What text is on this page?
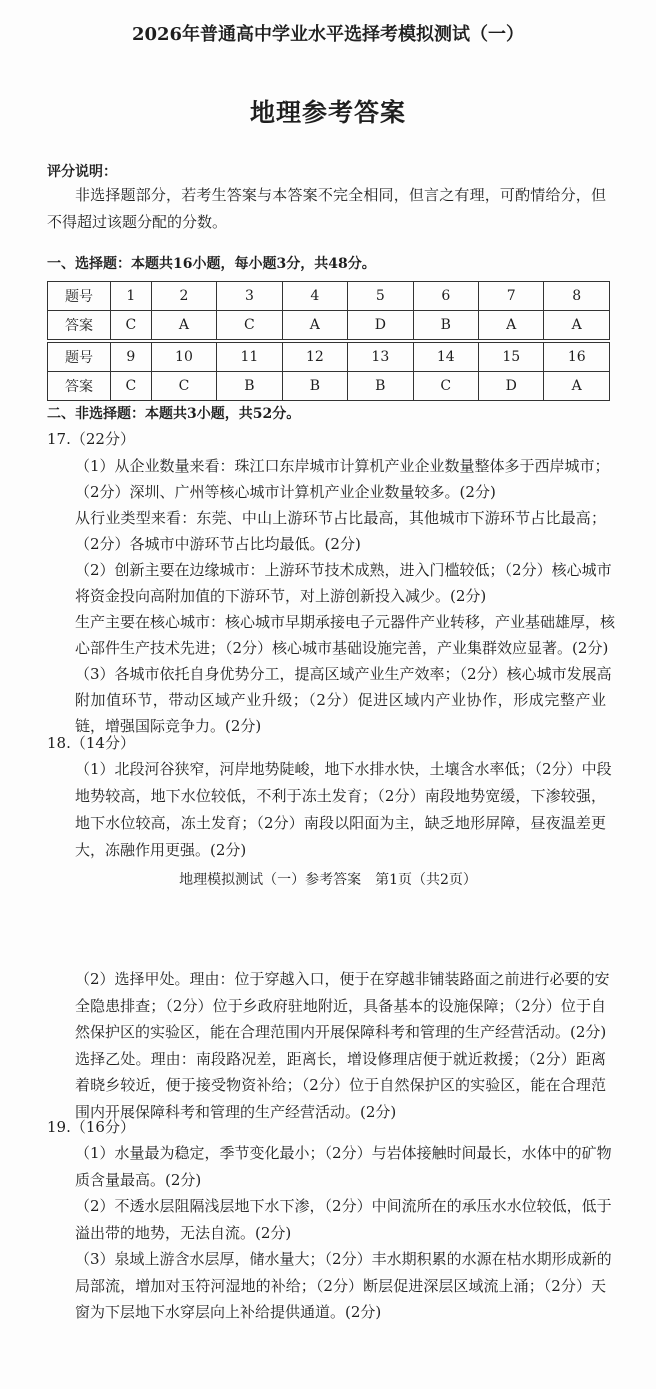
2026年普通高中学业水平选择考模拟测试（一）
地理参考答案
评分说明：
非选择题部分，若考生答案与本答案不完全相同，但言之有理，可酌情给分，但
不得超过该题分配的分数。
一、选择题：本题共16小题，每小题3分，共48分。
题号	1	2	3	4	5	6	7	8
答案	C	A	C	A	D	B	A	A
题号	9	10	11	12	13	14	15	16
答案	C	C	B	B	B	C	D	A
二、非选择题：本题共3小题，共52分。
17.（22分）
（1）从企业数量来看：珠江口东岸城市计算机产业企业数量整体多于西岸城市；
（2分）深圳、广州等核心城市计算机产业企业数量较多。(2分)
从行业类型来看：东莞、中山上游环节占比最高，其他城市下游环节占比最高；
（2分）各城市中游环节占比均最低。(2分)
（2）创新主要在边缘城市：上游环节技术成熟，进入门槛较低；（2分）核心城市
将资金投向高附加值的下游环节，对上游创新投入减少。(2分)
生产主要在核心城市：核心城市早期承接电子元器件产业转移，产业基础雄厚，核
心部件生产技术先进；（2分）核心城市基础设施完善，产业集群效应显著。(2分)
（3）各城市依托自身优势分工，提高区域产业生产效率；（2分）核心城市发展高
附加值环节，带动区域产业升级；（2分）促进区域内产业协作，形成完整产业
链，增强国际竞争力。(2分)
18.（14分）
（1）北段河谷狭窄，河岸地势陡峻，地下水排水快，土壤含水率低；（2分）中段
地势较高，地下水位较低，不利于冻土发育；（2分）南段地势宽缓，下渗较强，
地下水位较高，冻土发育；（2分）南段以阳面为主，缺乏地形屏障，昼夜温差更
大，冻融作用更强。(2分)
（2）选择甲处。理由：位于穿越入口，便于在穿越非铺装路面之前进行必要的安
全隐患排查；（2分）位于乡政府驻地附近，具备基本的设施保障；（2分）位于自
然保护区的实验区，能在合理范围内开展保障科考和管理的生产经营活动。(2分)
选择乙处。理由：南段路况差，距离长，增设修理店便于就近救援；（2分）距离
着晓乡较近，便于接受物资补给；（2分）位于自然保护区的实验区，能在合理范
围内开展保障科考和管理的生产经营活动。(2分)
19.（16分）
（1）水量最为稳定，季节变化最小；（2分）与岩体接触时间最长，水体中的矿物
质含量最高。(2分)
（2）不透水层阻隔浅层地下水下渗，（2分）中间流所在的承压水水位较低，低于
溢出带的地势，无法自流。(2分)
（3）泉域上游含水层厚，储水量大；（2分）丰水期积累的水源在枯水期形成新的
局部流，增加对玉符河湿地的补给；（2分）断层促进深层区域流上涌；（2分）天
窗为下层地下水穿层向上补给提供通道。(2分)
地理模拟测试（一）参考答案　第1页（共2页）
